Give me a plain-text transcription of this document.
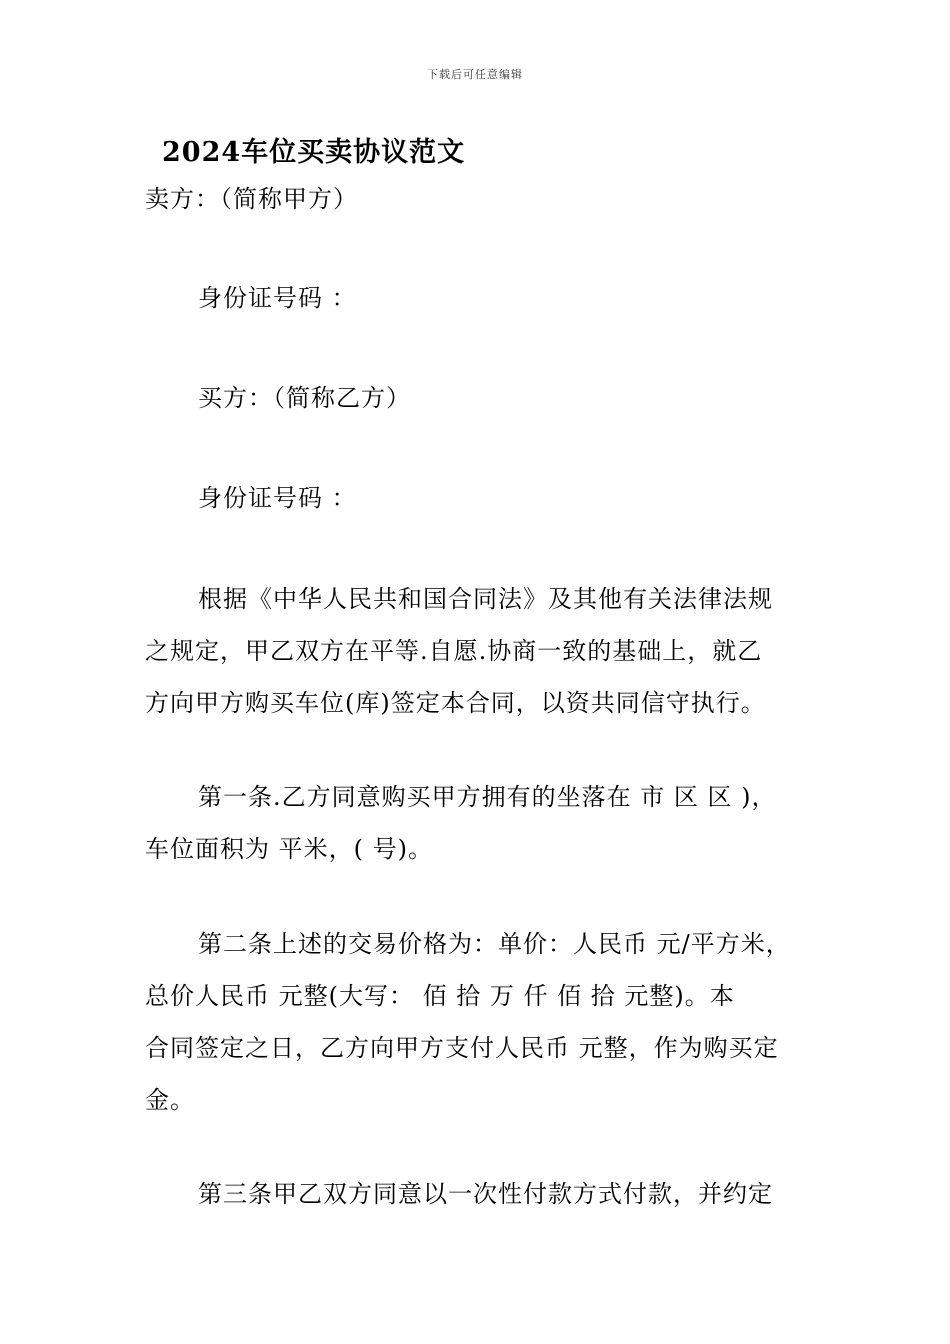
下载后可任意编辑
2024车位买卖协议范文
卖方：（简称甲方）
身份证号码 ：
买方：（简称乙方）
身份证号码 ：

根据《中华人民共和国合同法》及其他有关法律法规

之规定，甲乙双方在平等.自愿.协商一致的基础上，就乙

方向甲方购买车位(库)签定本合同，以资共同信守执行。

第一条.乙方同意购买甲方拥有的坐落在 市 区 区 )，

车位面积为 平米，( 号)。

第二条上述的交易价格为：单价：人民币 元/平方米，

总价人民币 元整(大写： 佰 拾 万 仟 佰 拾 元整)。本

合同签定之日，乙方向甲方支付人民币 元整，作为购买定

金。

第三条甲乙双方同意以一次性付款方式付款，并约定
